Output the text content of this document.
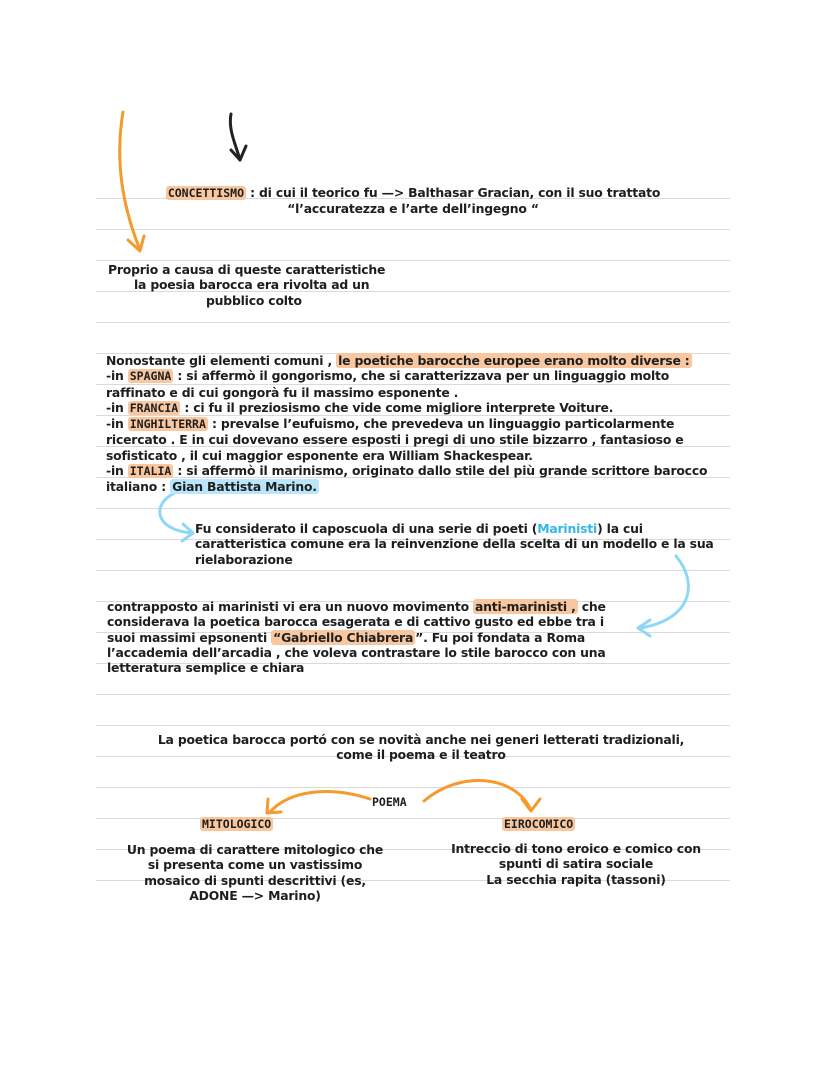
CONCETTISMO : di cui il teorico fu —> Balthasar Gracian, con il suo trattato
“l’accuratezza e l’arte dell’ingegno “
Proprio a causa di queste caratteristiche
la poesia barocca era rivolta ad un
pubblico colto
Nonostante gli elementi comuni , le poetiche barocche europee erano molto diverse :
-in SPAGNA : si affermò il gongorismo, che si caratterizzava per un linguaggio molto
raffinato e di cui gongorà fu il massimo esponente .
-in FRANCIA : ci fu il preziosismo che vide come migliore interprete Voiture.
-in INGHILTERRA : prevalse l’eufuismo, che prevedeva un linguaggio particolarmente
ricercato . E in cui dovevano essere esposti i pregi di uno stile bizzarro , fantasioso e
sofisticato , il cui maggior esponente era William Shackespear.
-in ITALIA : si affermò il marinismo, originato dallo stile del più grande scrittore barocco
italiano : Gian Battista Marino.
Fu considerato il caposcuola di una serie di poeti (Marinisti) la cui
caratteristica comune era la reinvenzione della scelta di un modello e la sua
rielaborazione
contrapposto ai marinisti vi era un nuovo movimento anti-marinisti , che
considerava la poetica barocca esagerata e di cattivo gusto ed ebbe tra i
suoi massimi epsonenti “Gabriello Chiabrera ”. Fu poi fondata a Roma
l’accademia dell’arcadia , che voleva contrastare lo stile barocco con una
letteratura semplice e chiara
La poetica barocca portó con se novità anche nei generi letterati tradizionali,
come il poema e il teatro
POEMA
MITOLOGICO	EIROCOMICO
Un poema di carattere mitologico che
si presenta come un vastissimo
mosaico di spunti descrittivi (es,
ADONE —> Marino)
Intreccio di tono eroico e comico con
spunti di satira sociale
La secchia rapita (tassoni)
